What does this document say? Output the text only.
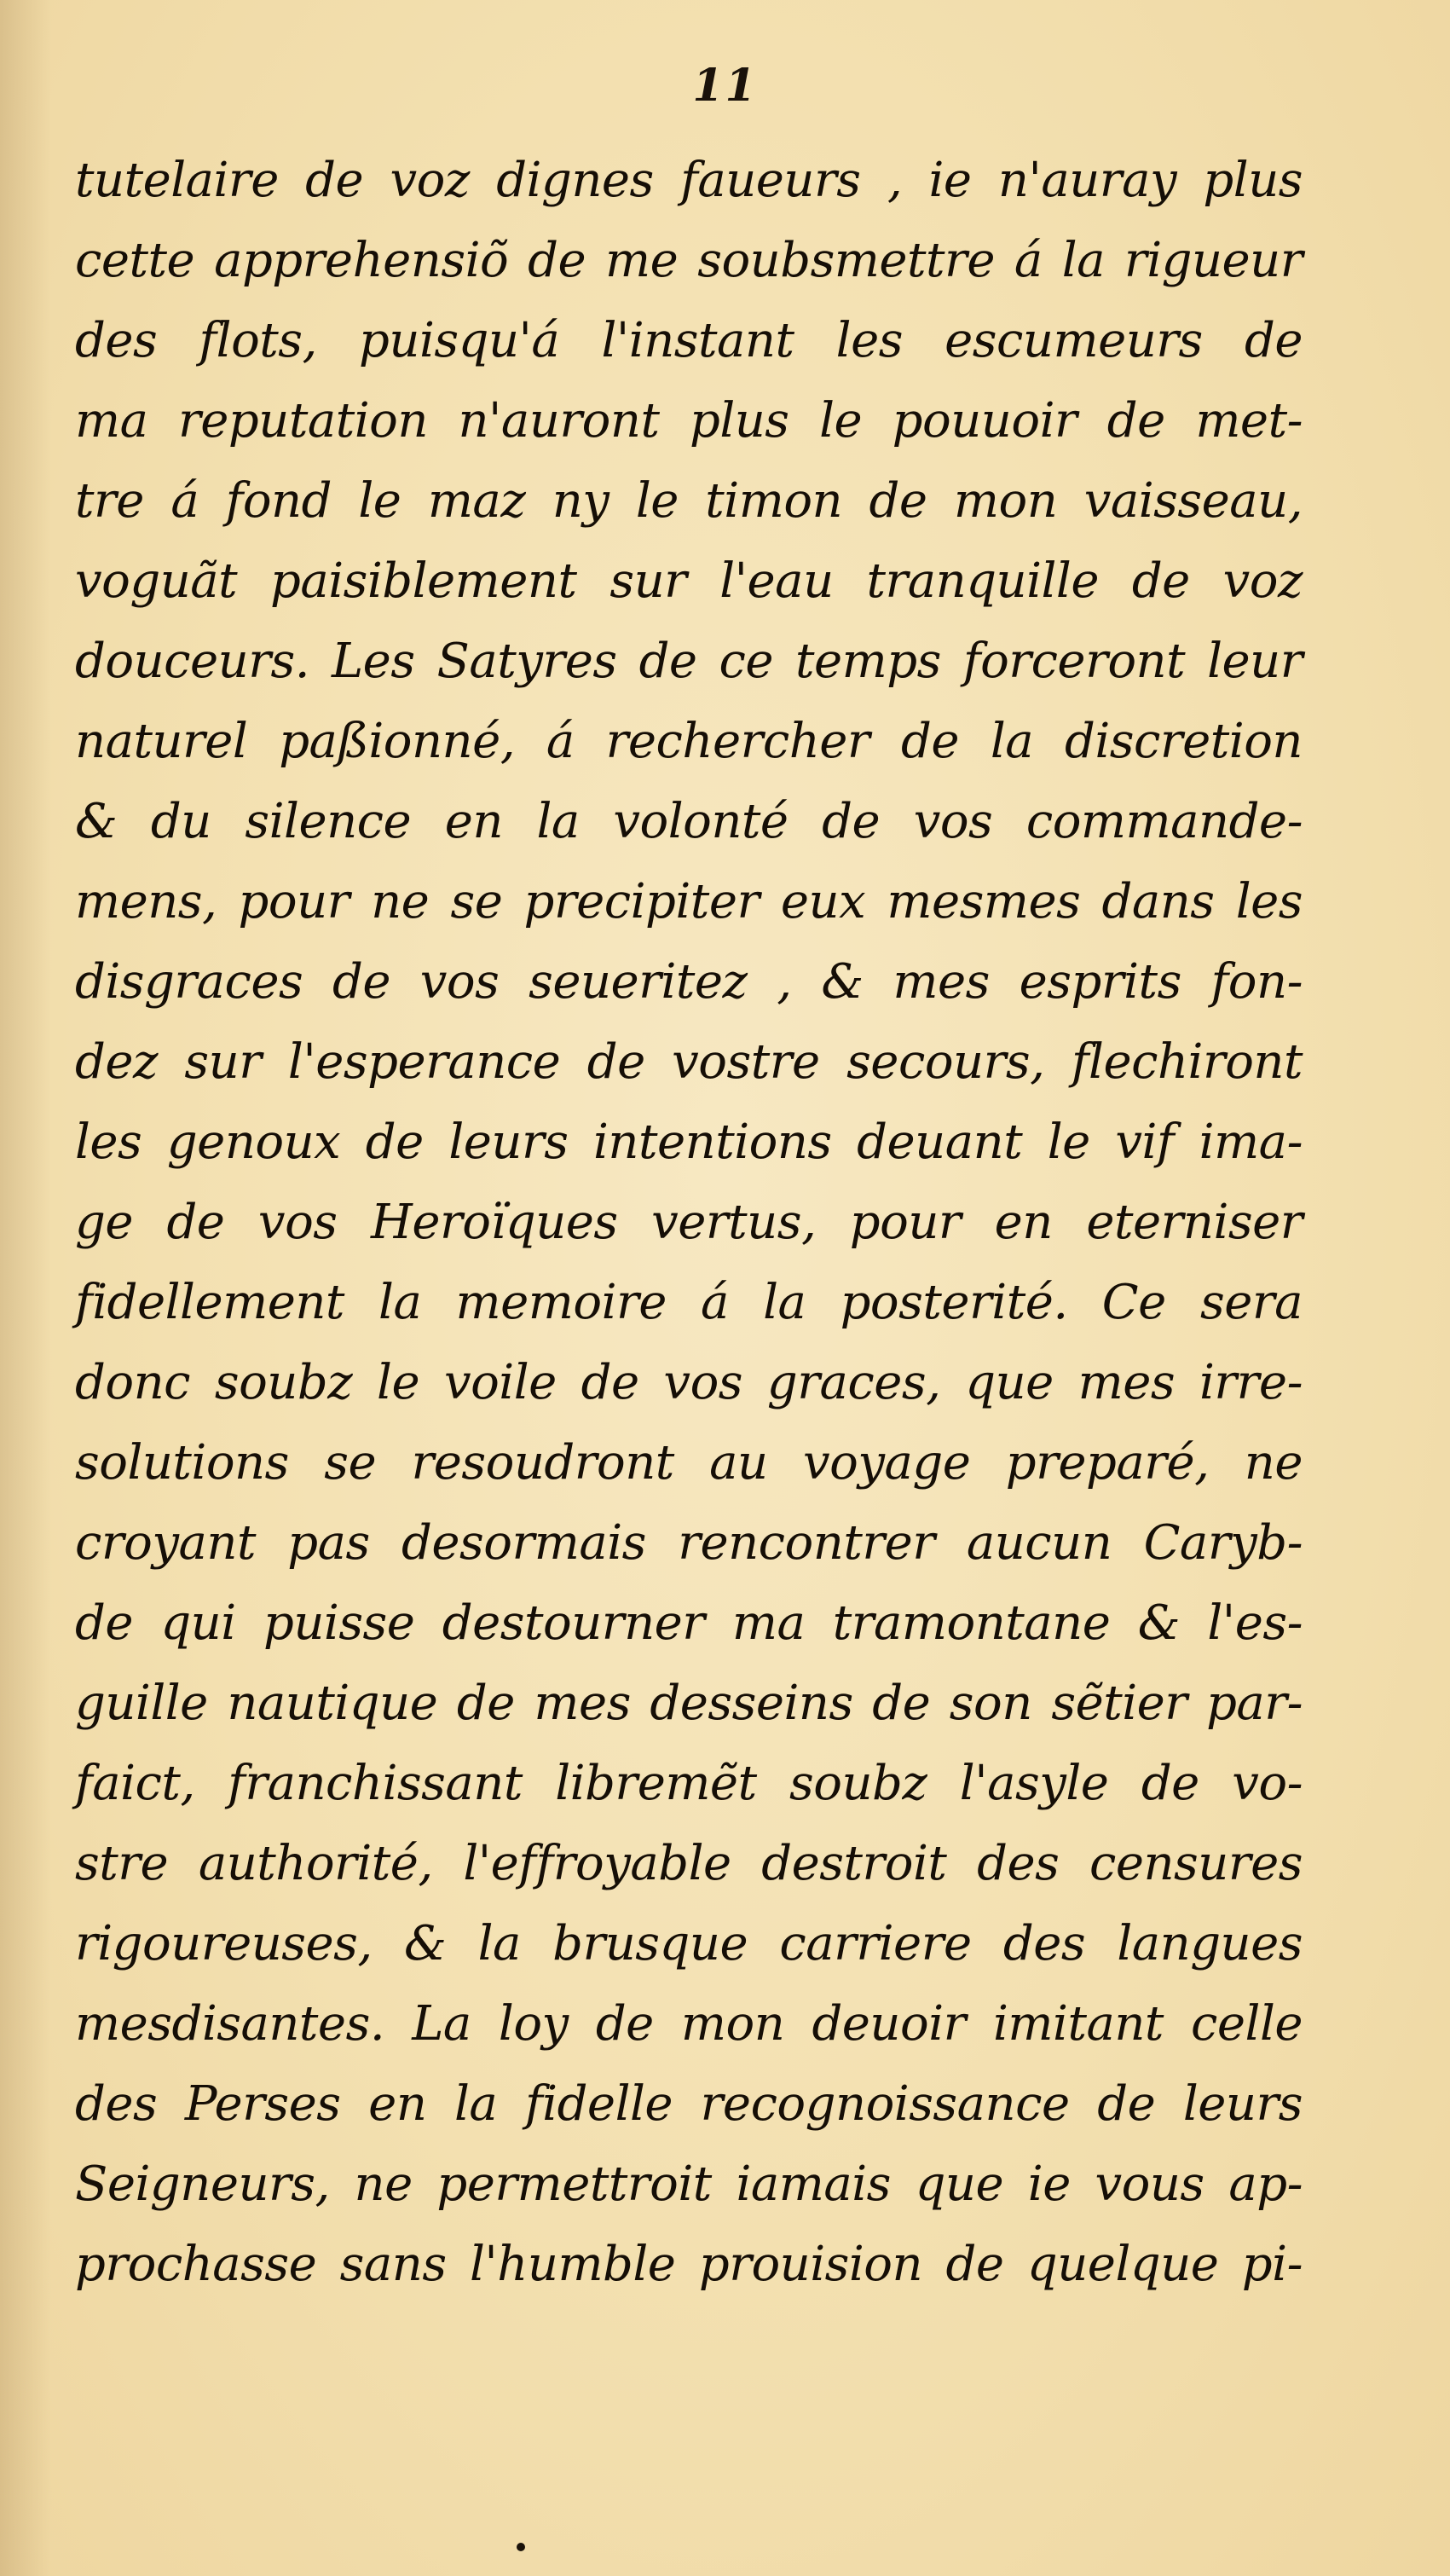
11
tutelaire de voz dignes faueurs , ie n'auray plus
cette apprehensiõ de me soubsmettre á la rigueur
des flots, puisqu'á l'instant les escumeurs de
ma reputation n'auront plus le pouuoir de met-
tre á fond le maz ny le timon de mon vaisseau,
voguãt paisiblement sur l'eau tranquille de voz
douceurs. Les Satyres de ce temps forceront leur
naturel paßionné, á rechercher de la discretion
& du silence en la volonté de vos commande-
mens, pour ne se precipiter eux mesmes dans les
disgraces de vos seueritez , & mes esprits fon-
dez sur l'esperance de vostre secours, flechiront
les genoux de leurs intentions deuant le vif ima-
ge de vos Heroïques vertus, pour en eterniser
fidellement la memoire á la posterité. Ce sera
donc soubz le voile de vos graces, que mes irre-
solutions se resoudront au voyage preparé, ne
croyant pas desormais rencontrer aucun Caryb-
de qui puisse destourner ma tramontane & l'es-
guille nautique de mes desseins de son sẽtier par-
faict, franchissant libremẽt soubz l'asyle de vo-
stre authorité, l'effroyable destroit des censures
rigoureuses, & la brusque carriere des langues
mesdisantes. La loy de mon deuoir imitant celle
des Perses en la fidelle recognoissance de leurs
Seigneurs, ne permettroit iamais que ie vous ap-
prochasse sans l'humble prouision de quelque pi-
